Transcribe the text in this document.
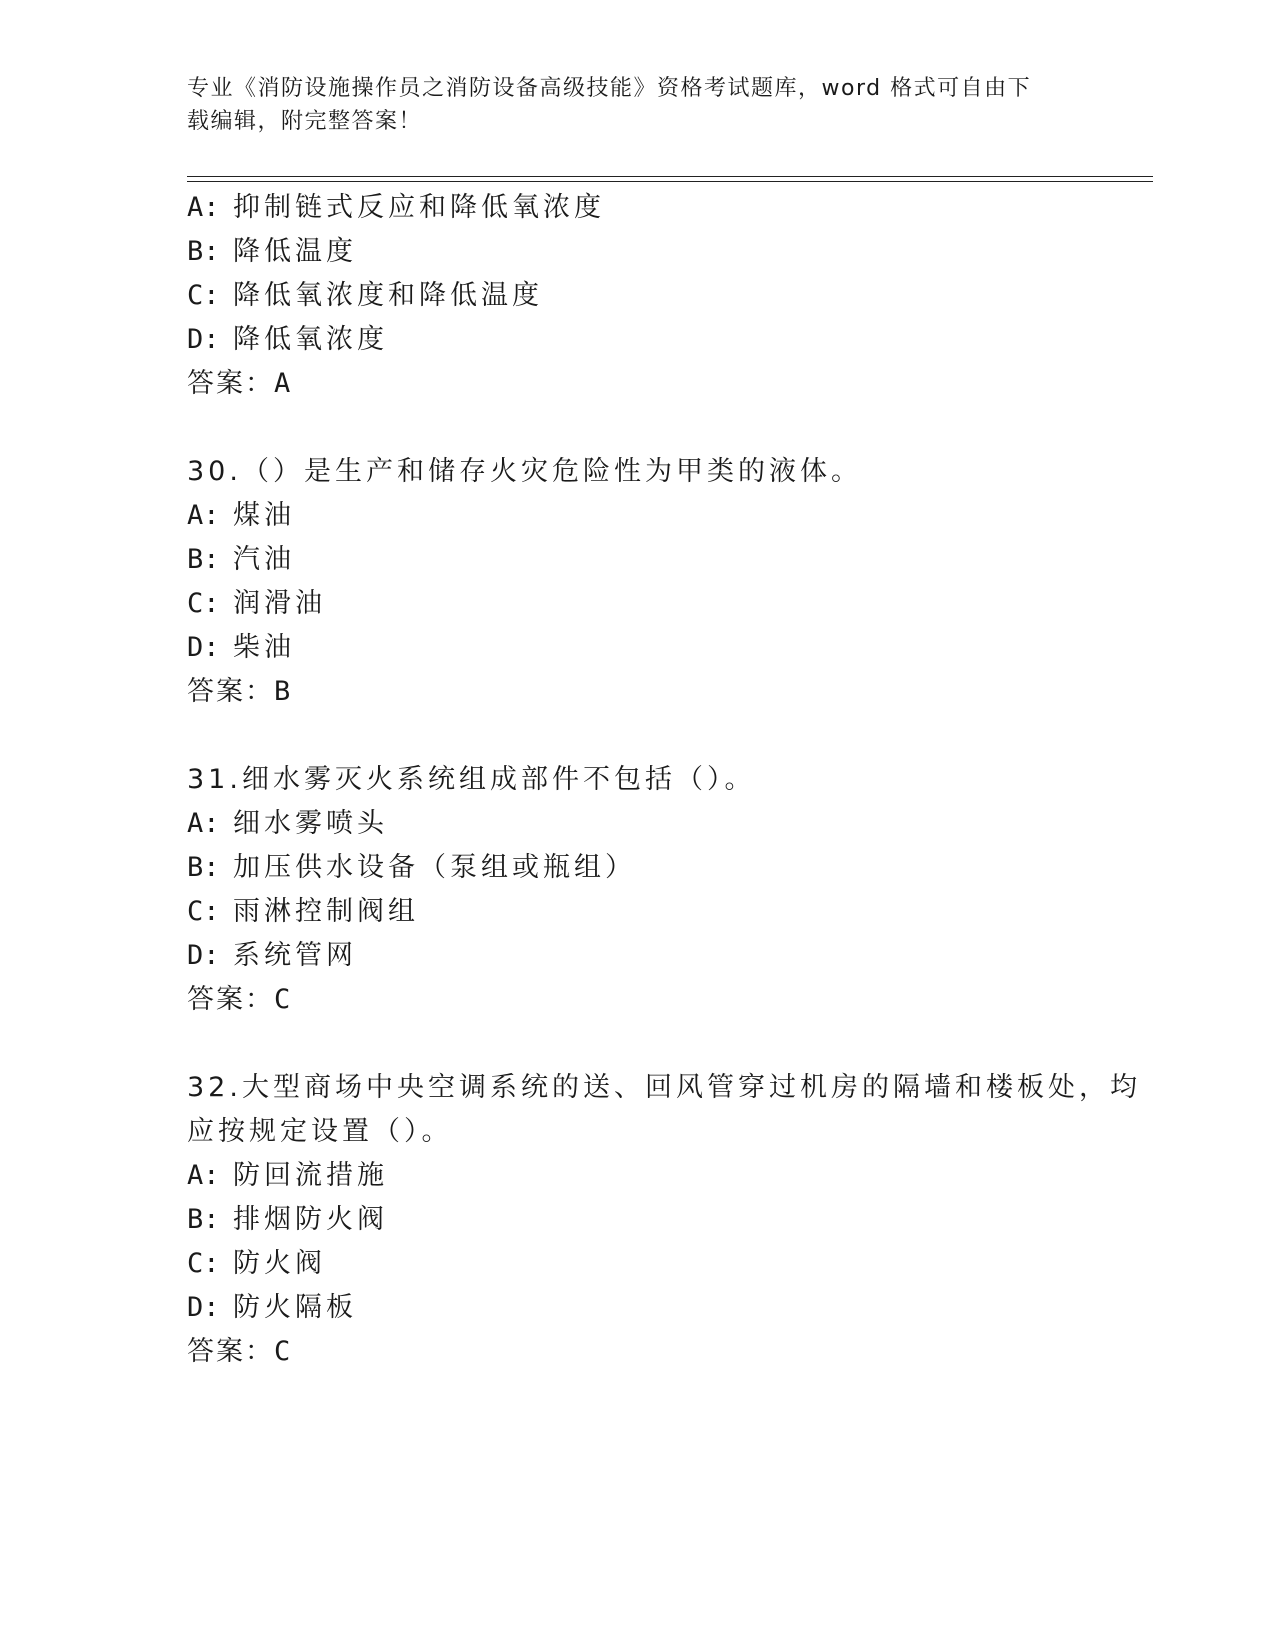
专业《消防设施操作员之消防设备高级技能》资格考试题库，word 格式可自由下
载编辑，附完整答案！
A: 抑制链式反应和降低氧浓度
B: 降低温度
C: 降低氧浓度和降低温度
D: 降低氧浓度
答案：A
30.（）是生产和储存火灾危险性为甲类的液体。
A: 煤油
B: 汽油
C: 润滑油
D: 柴油
答案：B
31.细水雾灭火系统组成部件不包括（）。
A: 细水雾喷头
B: 加压供水设备（泵组或瓶组）
C: 雨淋控制阀组
D: 系统管网
答案：C
32.大型商场中央空调系统的送、回风管穿过机房的隔墙和楼板处，均
应按规定设置（）。
A: 防回流措施
B: 排烟防火阀
C: 防火阀
D: 防火隔板
答案：C
